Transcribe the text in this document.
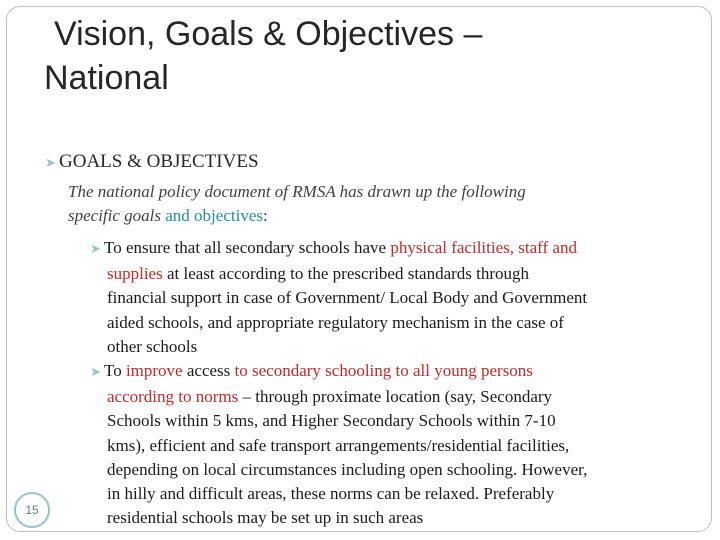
Vision, Goals & Objectives –
National
➤ GOALS & OBJECTIVES
The national policy document of RMSA has drawn up the following
specific goals and objectives:
➤ To ensure that all secondary schools have physical facilities, staff and
supplies at least according to the prescribed standards through
financial support in case of Government/ Local Body and Government
aided schools, and appropriate regulatory mechanism in the case of
other schools
➤ To improve access to secondary schooling to all young persons
according to norms – through proximate location (say, Secondary
Schools within 5 kms, and Higher Secondary Schools within 7-10
kms), efficient and safe transport arrangements/residential facilities,
depending on local circumstances including open schooling. However,
in hilly and difficult areas, these norms can be relaxed. Preferably
residential schools may be set up in such areas
15
